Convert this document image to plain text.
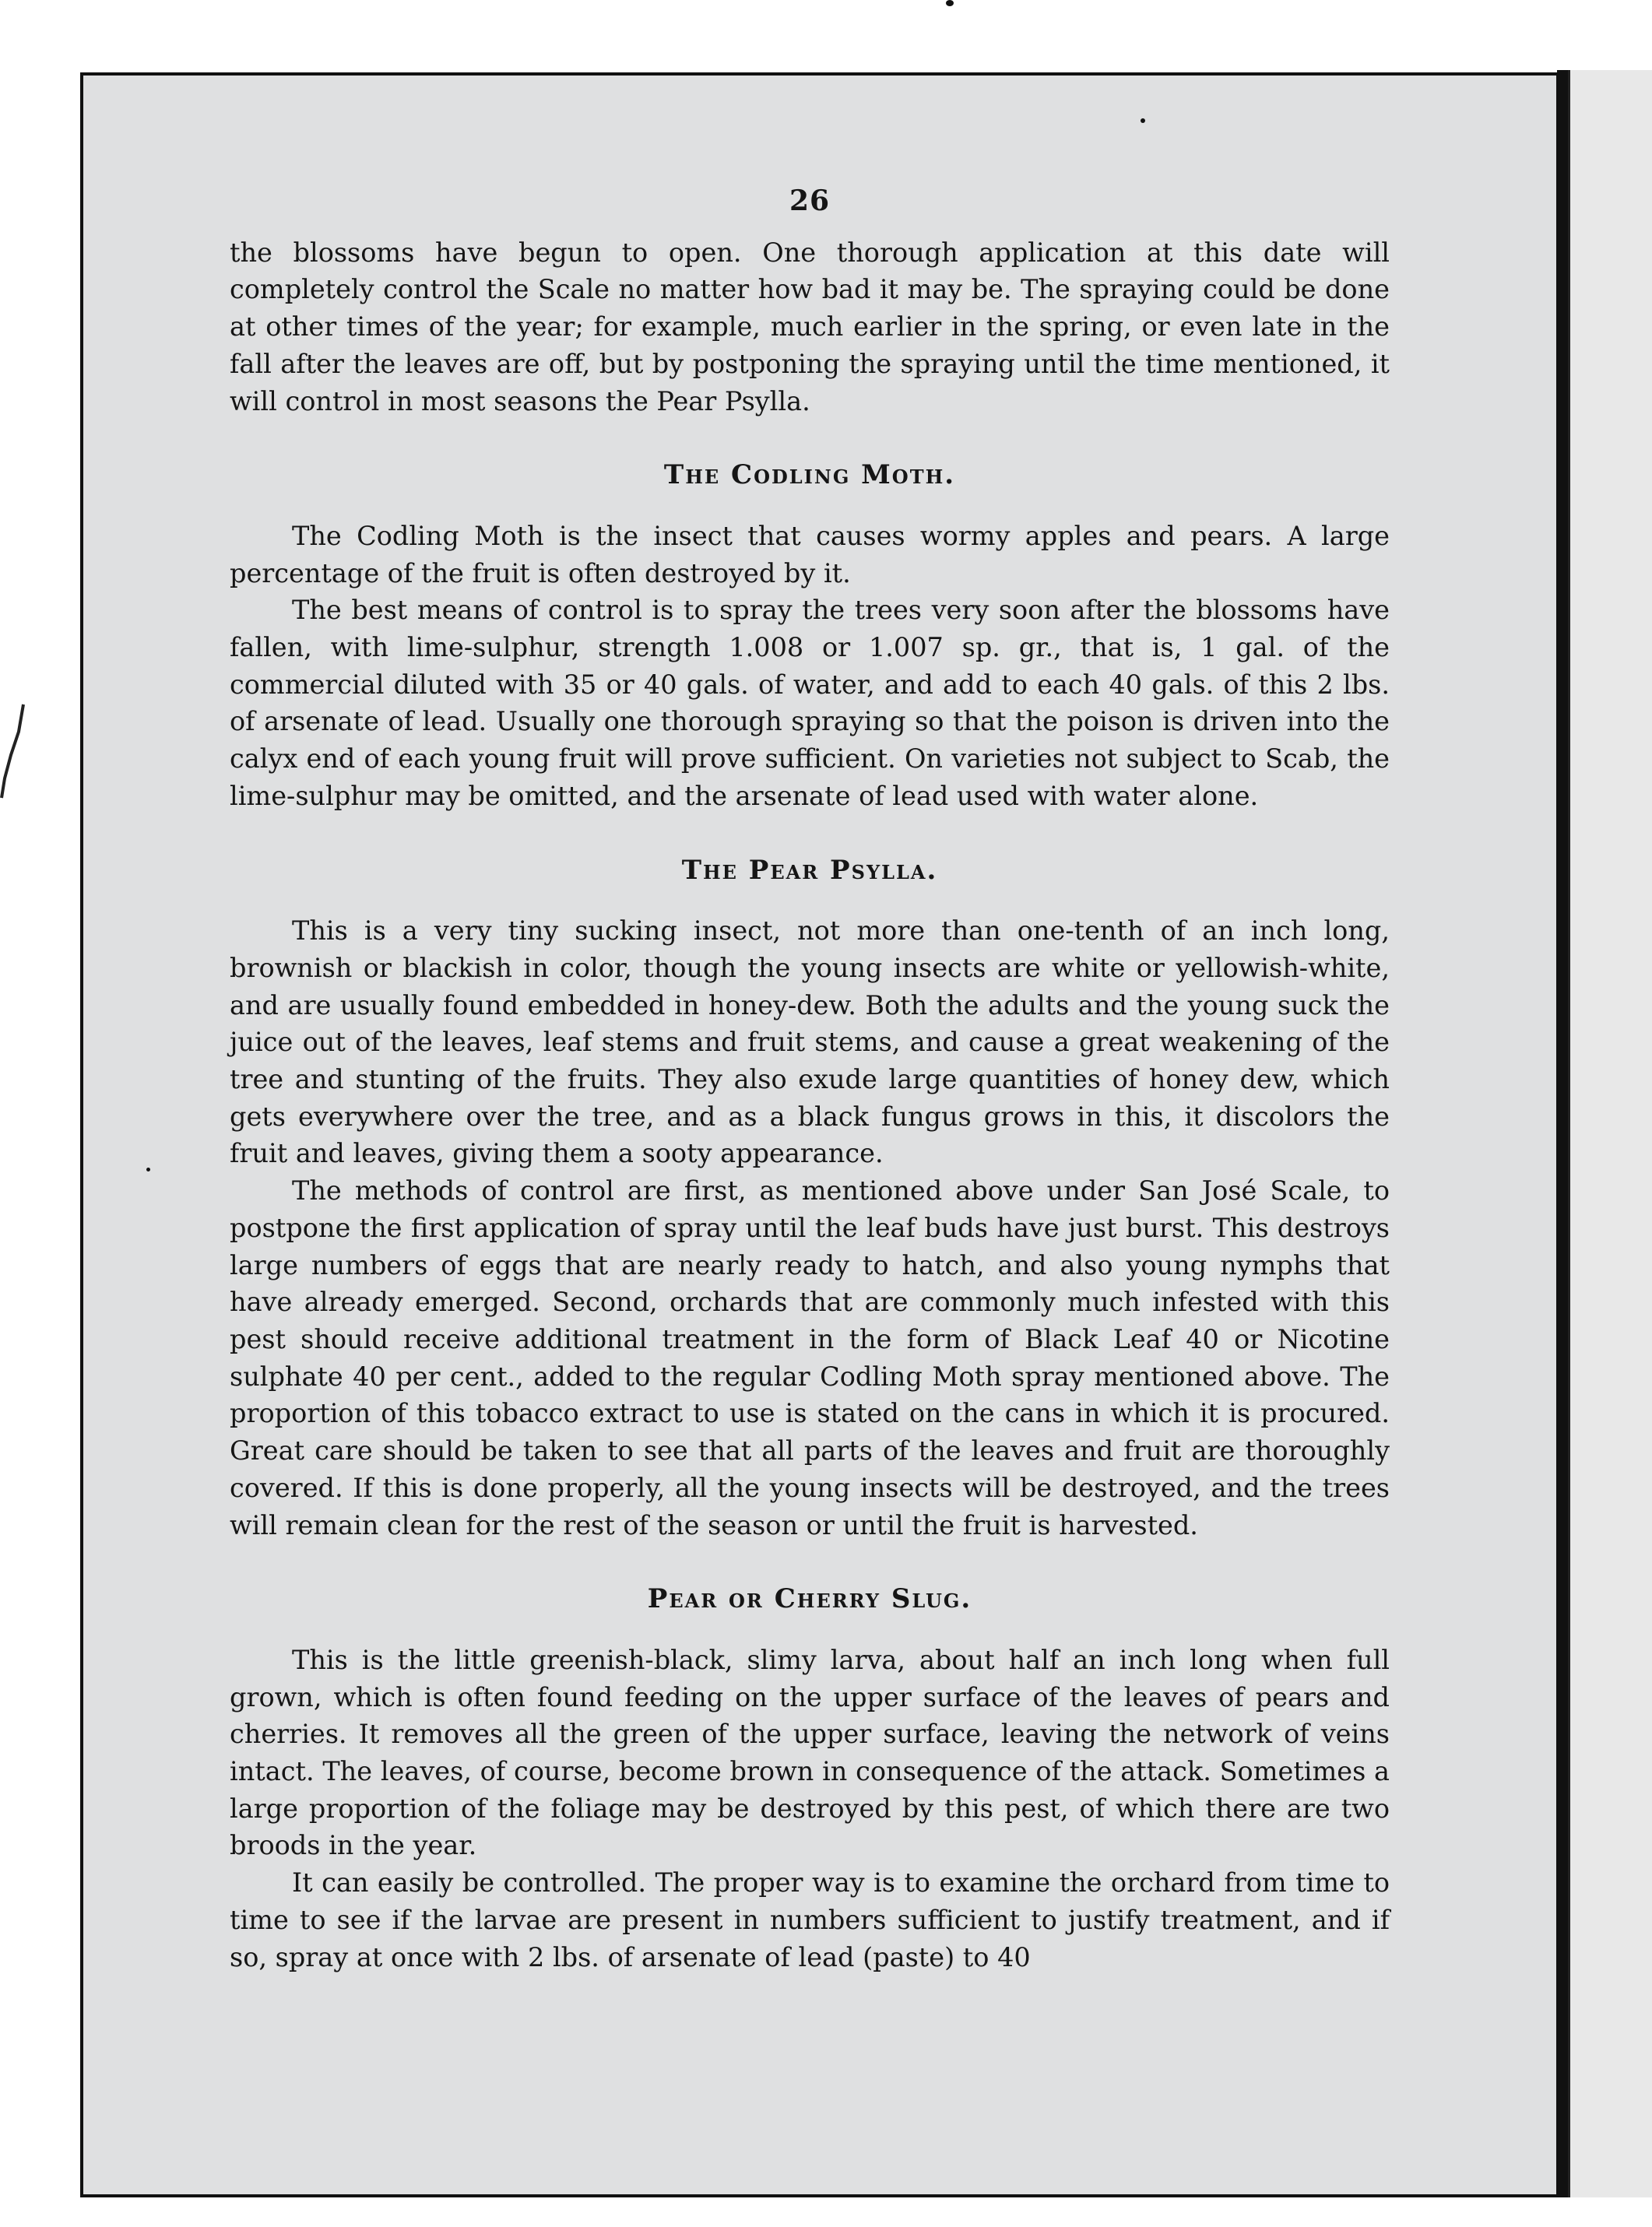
26

the blossoms have begun to open. One thorough application at this date will completely control the Scale no matter how bad it may be. The spraying could be done at other times of the year; for example, much earlier in the spring, or even late in the fall after the leaves are off, but by postponing the spraying until the time mentioned, it will control in most seasons the Pear Psylla.

The Codling Moth.

The Codling Moth is the insect that causes wormy apples and pears. A large percentage of the fruit is often destroyed by it.

The best means of control is to spray the trees very soon after the blossoms have fallen, with lime-sulphur, strength 1.008 or 1.007 sp. gr., that is, 1 gal. of the commercial diluted with 35 or 40 gals. of water, and add to each 40 gals. of this 2 lbs. of arsenate of lead. Usually one thorough spraying so that the poison is driven into the calyx end of each young fruit will prove sufficient. On varieties not subject to Scab, the lime-sulphur may be omitted, and the arsenate of lead used with water alone.

The Pear Psylla.

This is a very tiny sucking insect, not more than one-tenth of an inch long, brownish or blackish in color, though the young insects are white or yellowish-white, and are usually found embedded in honey-dew. Both the adults and the young suck the juice out of the leaves, leaf stems and fruit stems, and cause a great weakening of the tree and stunting of the fruits. They also exude large quantities of honey dew, which gets everywhere over the tree, and as a black fungus grows in this, it discolors the fruit and leaves, giving them a sooty appearance.

The methods of control are first, as mentioned above under San José Scale, to postpone the first application of spray until the leaf buds have just burst. This destroys large numbers of eggs that are nearly ready to hatch, and also young nymphs that have already emerged. Second, orchards that are commonly much infested with this pest should receive additional treatment in the form of Black Leaf 40 or Nicotine sulphate 40 per cent., added to the regular Codling Moth spray mentioned above. The proportion of this tobacco extract to use is stated on the cans in which it is procured. Great care should be taken to see that all parts of the leaves and fruit are thoroughly covered. If this is done properly, all the young insects will be destroyed, and the trees will remain clean for the rest of the season or until the fruit is harvested.

Pear or Cherry Slug.

This is the little greenish-black, slimy larva, about half an inch long when full grown, which is often found feeding on the upper surface of the leaves of pears and cherries. It removes all the green of the upper surface, leaving the network of veins intact. The leaves, of course, become brown in consequence of the attack. Sometimes a large proportion of the foliage may be destroyed by this pest, of which there are two broods in the year.

It can easily be controlled. The proper way is to examine the orchard from time to time to see if the larvae are present in numbers sufficient to justify treatment, and if so, spray at once with 2 lbs. of arsenate of lead (paste) to 40
